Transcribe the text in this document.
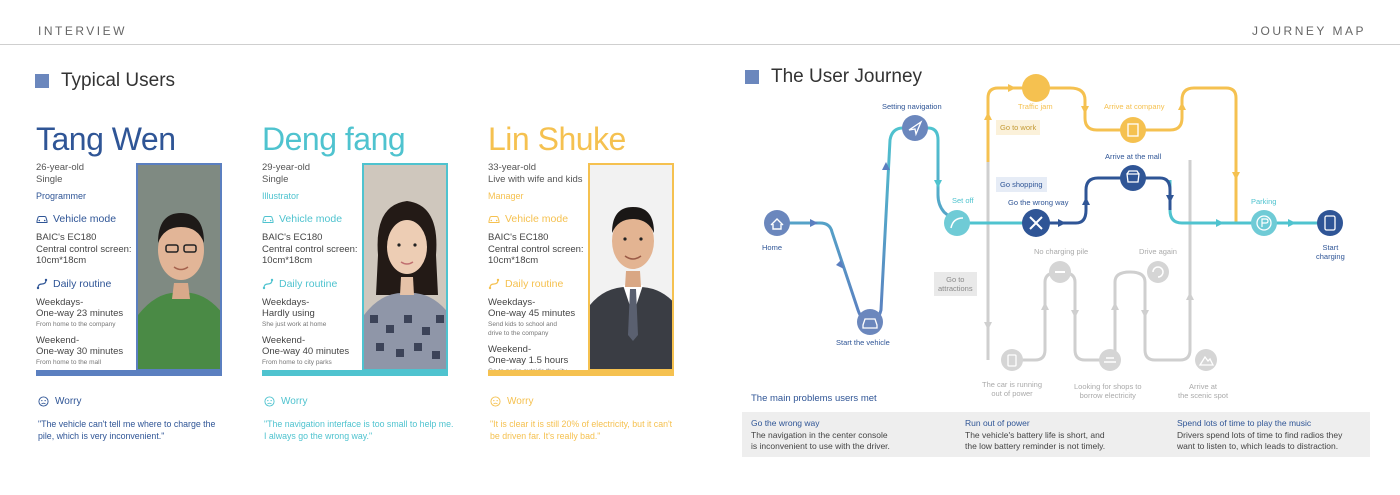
INTERVIEW	JOURNEY MAP
Typical Users
Tang Wen
26-year-old
Single
Programmer
Vehicle mode
BAIC's EC180
Central control screen:
10cm*18cm
Daily routine
Weekdays-
One-way 23 minutes
From home to the company
Weekend-
One-way 30 minutes
From home to the mall
Worry
"The vehicle can't tell me where to charge the pile, which is very inconvenient."
Deng fang
29-year-old
Single
Illustrator
Vehicle mode
BAIC's EC180
Central control screen:
10cm*18cm
Daily routine
Weekdays-
Hardly using
She just work at home
Weekend-
One-way 40 minutes
From home to city parks
Worry
"The navigation interface is too small to help me. I always go the wrong way."
Lin Shuke
33-year-old
Live with wife and kids
Manager
Vehicle mode
BAIC's EC180
Central control screen:
10cm*18cm
Daily routine
Weekdays-
One-way 45 minutes
Send kids to school and
drive to the company
Weekend-
One-way 1.5 hours
Worry
"It is clear it is still 20% of electricity, but it can't be driven far. It's really bad."
The User Journey
Home
Start the vehicle
Setting navigation
Set off
Traffic jam
Go to work
Arrive at company
Arrive at the mall
Go shopping
Go the wrong way
Go to
attractions
No charging pile	Drive again
The car is running
out of power
Looking for shops to
borrow electricity
Arrive at
the scenic spot
Parking
Start
charging
The main problems users met
Go the wrong way
The navigation in the center console
is inconvenient to use with the driver.
Run out of power
The vehicle's battery life is short, and
the low battery reminder is not timely.
Spend lots of time to play the music
Drivers spend lots of time to find radios they
want to listen to, which leads to distraction.
